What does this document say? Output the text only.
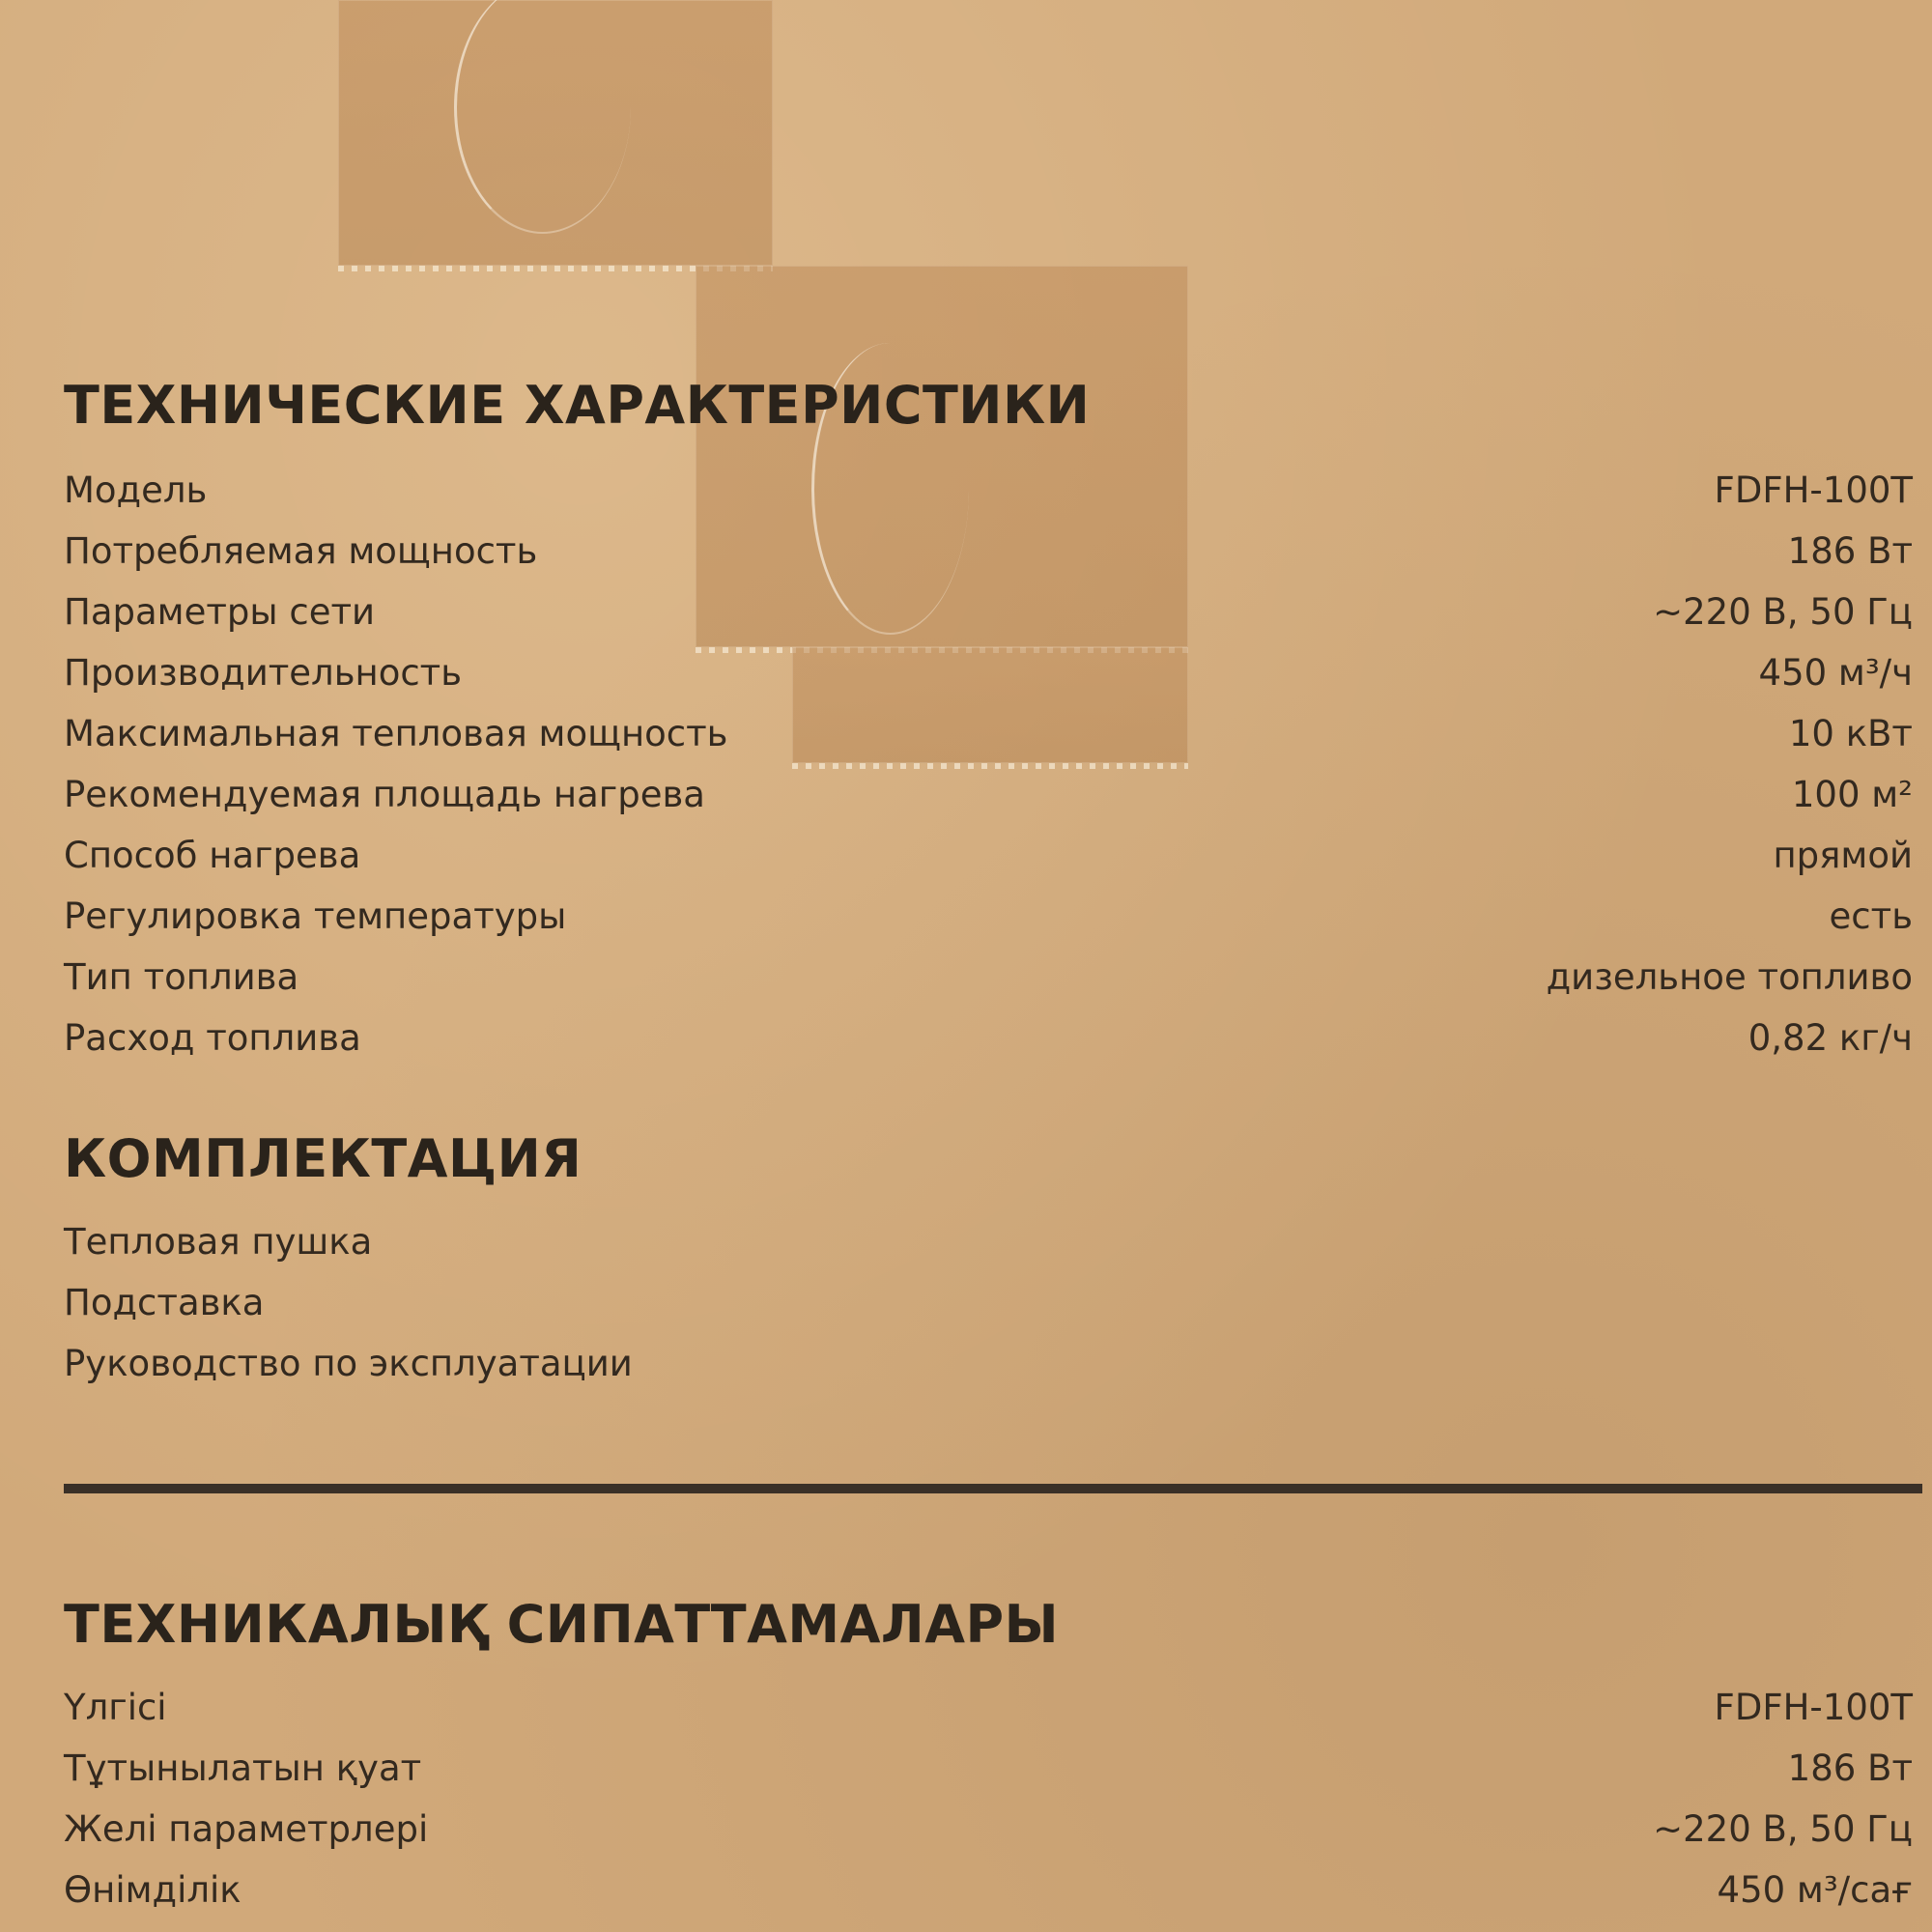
ТЕХНИЧЕСКИЕ ХАРАКТЕРИСТИКИ
Модель	FDFH-100T
Потребляемая мощность	186 Вт
Параметры сети	~220 В, 50 Гц
Производительность	450 м³/ч
Максимальная тепловая мощность	10 кВт
Рекомендуемая площадь нагрева	100 м²
Способ нагрева	прямой
Регулировка температуры	есть
Тип топлива	дизельное топливо
Расход топлива	0,82 кг/ч
КОМПЛЕКТАЦИЯ
Тепловая пушка
Подставка
Руководство по эксплуатации
ТЕХНИКАЛЫҚ СИПАТТАМАЛАРЫ
Үлгісі	FDFH-100T
Тұтынылатын қуат	186 Вт
Желі параметрлері	~220 В, 50 Гц
Өнімділік	450 м³/сағ
